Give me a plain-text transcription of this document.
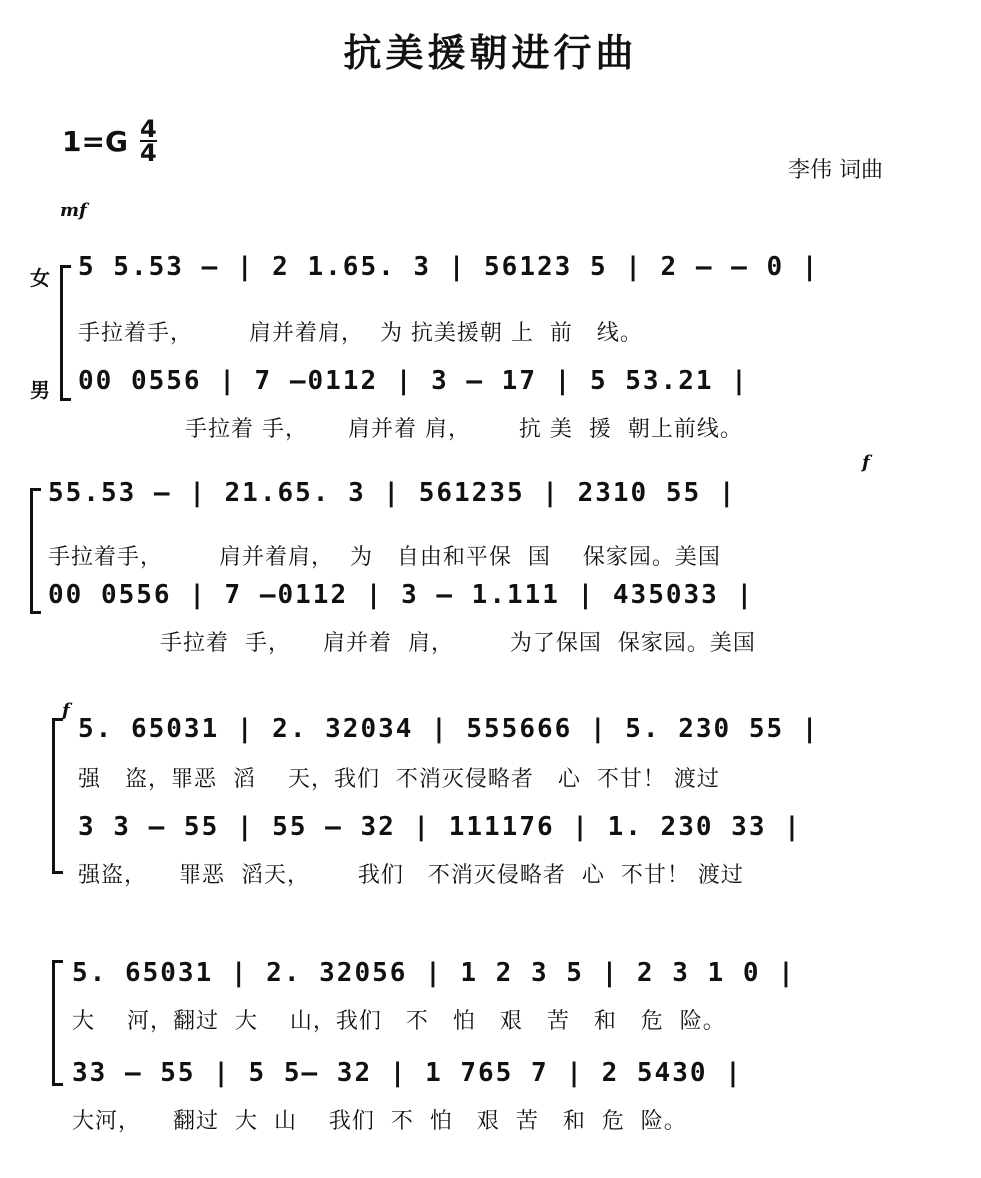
抗美援朝进行曲
$1=G \frac{4}{4}$
李伟 词曲
mf
f
f
女
男
5 5.53 — | 2 1.65. 3 | 56123 5 | 2 — — 0 |
手拉着手，       肩并着肩，  为 抗美援朝 上  前   线。
00 0556 | 7 —0112 | 3 — 17 | 5 53.21 |
手拉着 手，     肩并着 肩，      抗 美  援  朝上前线。
55.53 — | 21.65. 3 | 561235 | 2310 55 |
手拉着手，       肩并着肩，  为   自由和平保  国    保家园。美国
00 0556 | 7 —0112 | 3 — 1.111 | 435033 |
手拉着  手，    肩并着  肩，       为了保国  保家园。美国
5. 65031 | 2. 32034 | 555666 | 5. 230 55 |
强   盗，罪恶  滔    天，我们  不消灭侵略者   心  不甘！ 渡过
3 3 — 55 | 55 — 32 | 111176 | 1. 230 33 |
强盗，    罪恶  滔天，      我们   不消灭侵略者  心  不甘！ 渡过
5. 65031 | 2. 32056 | 1 2 3 5 | 2 3 1 0 |
大    河，翻过  大    山，我们   不   怕   艰   苦   和   危  险。
33 — 55 | 5 5— 32 | 1 765 7 | 2 5430 |
大河，    翻过  大  山    我们  不  怕   艰  苦   和  危  险。
